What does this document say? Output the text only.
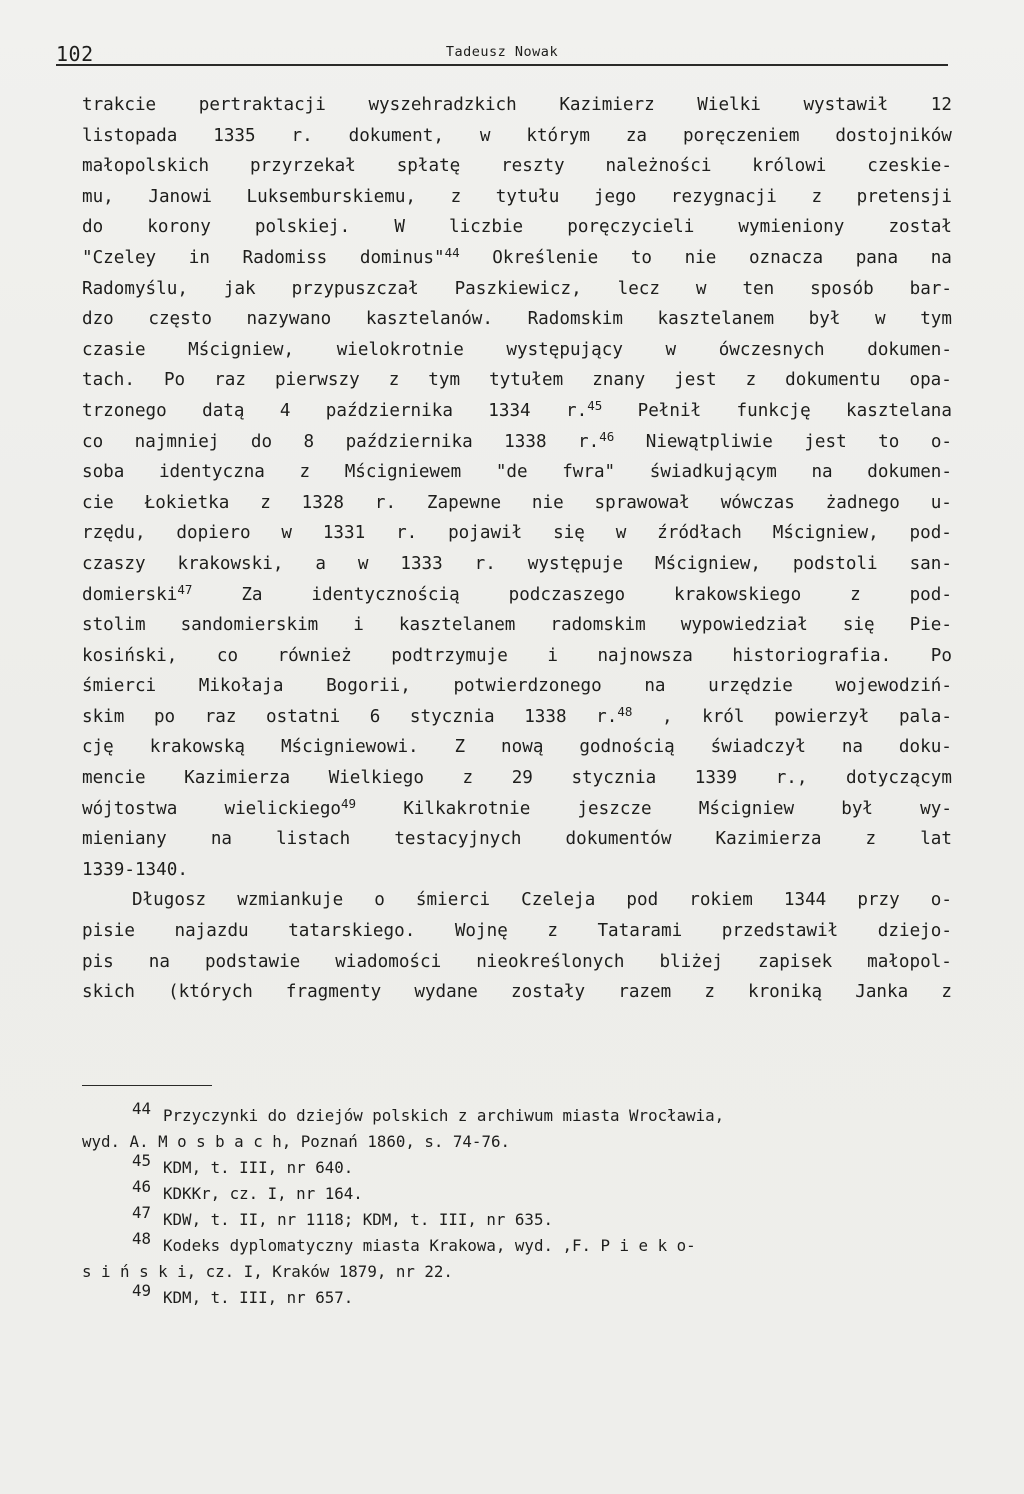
102	Tadeusz Nowak
trakcie pertraktacji wyszehradzkich Kazimierz Wielki wystawił 12
listopada 1335 r. dokument, w którym za poręczeniem dostojników
małopolskich przyrzekał spłatę reszty należności królowi czeskie-
mu, Janowi Luksemburskiemu, z tytułu jego rezygnacji z pretensji
do	korony	polskiej.	W	liczbie	poręczycieli	wymieniony	został
"Czeley in Radomiss dominus"$^{44}$ Określenie to nie oznacza pana na
Radomyślu, jak przypuszczał Paszkiewicz, lecz w ten sposób bar-
dzo często nazywano kasztelanów. Radomskim kasztelanem był w tym
czasie Mścigniew, wielokrotnie występujący w ówczesnych dokumen-
tach. Po raz pierwszy z tym tytułem znany jest z dokumentu opa-
trzonego datą 4 października 1334 r.$^{45}$ Pełnił funkcję kasztelana
co najmniej do 8 października 1338 r.$^{46}$ Niewątpliwie jest to o-
soba identyczna z Mścigniewem "de fwra" świadkującym na dokumen-
cie Łokietka z 1328 r. Zapewne nie sprawował wówczas żadnego u-
rzędu, dopiero w 1331 r. pojawił się w źródłach Mścigniew, pod-
czaszy krakowski, a w 1333 r. występuje Mścigniew, podstoli san-
domierski$^{47}$	Za	identycznością	podczaszego	krakowskiego	z	pod-
stolim sandomierskim i kasztelanem radomskim wypowiedział się Pie-
kosiński, co również podtrzymuje i najnowsza historiografia. Po
śmierci Mikołaja Bogorii, potwierdzonego na urzędzie wojewodziń-
skim po raz ostatni 6 stycznia 1338 r.$^{48}$ , król powierzył pala-
cję krakowską Mścigniewowi. Z nową godnością świadczył na doku-
mencie Kazimierza Wielkiego z 29 stycznia 1339 r., dotyczącym
wójtostwa	wielickiego$^{49}$	Kilkakrotnie	jeszcze	Mścigniew	był	wy-
mieniany	na	listach	testacyjnych	dokumentów	Kazimierza	z	lat
1339-1340.
Długosz wzmiankuje o śmierci Czeleja pod rokiem 1344 przy o-
pisie najazdu tatarskiego. Wojnę z Tatarami przedstawił dziejo-
pis na podstawie wiadomości nieokreślonych bliżej zapisek małopol-
skich (których fragmenty wydane zostały razem z kroniką Janka z
44 Przyczynki do dziejów polskich z archiwum miasta Wrocławia,
wyd. A. M o s b a c h, Poznań 1860, s. 74-76.
45 KDM, t. III, nr 640.
46 KDKKr, cz. I, nr 164.
47 KDW, t. II, nr 1118; KDM, t. III, nr 635.
48 Kodeks dyplomatyczny miasta Krakowa, wyd. ,F. P i e k o-
s i ń s k i, cz. I, Kraków 1879, nr 22.
49 KDM, t. III, nr 657.
